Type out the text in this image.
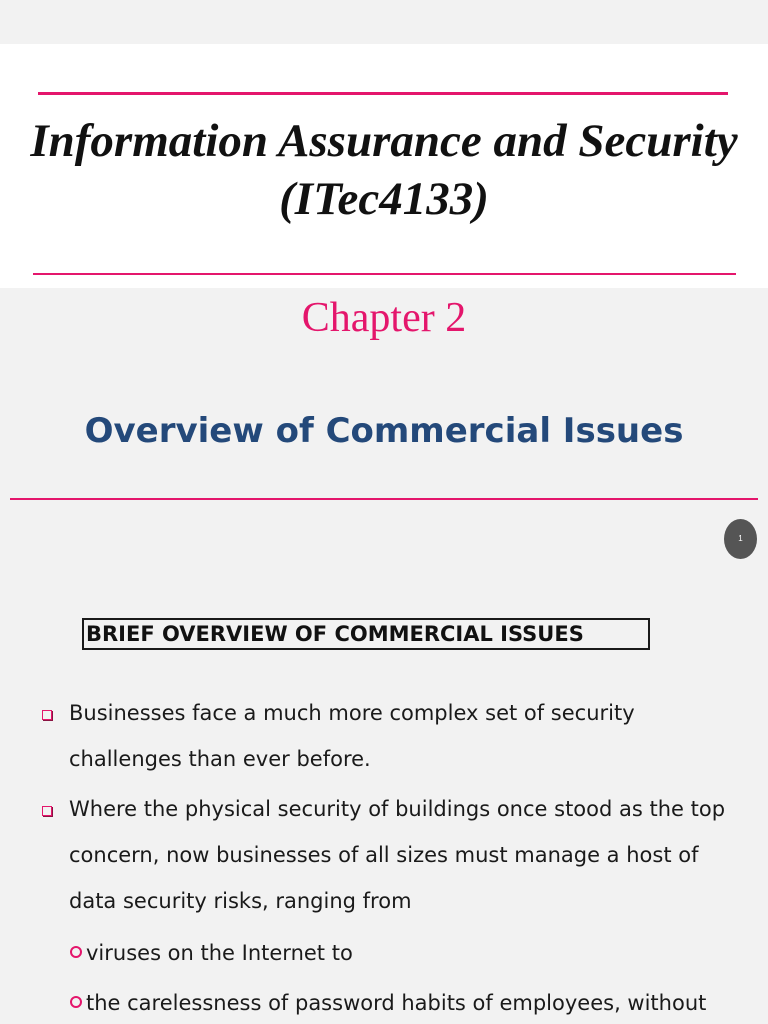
Information Assurance and Security (ITec4133)
Chapter 2
Overview of Commercial Issues
1
BRIEF OVERVIEW OF COMMERCIAL ISSUES
Businesses face a much more complex set of security challenges than ever before.
Where the physical security of buildings once stood as the top concern, now businesses of all sizes must manage a host of data security risks, ranging from
viruses on the Internet to
the carelessness of password habits of employees, without
